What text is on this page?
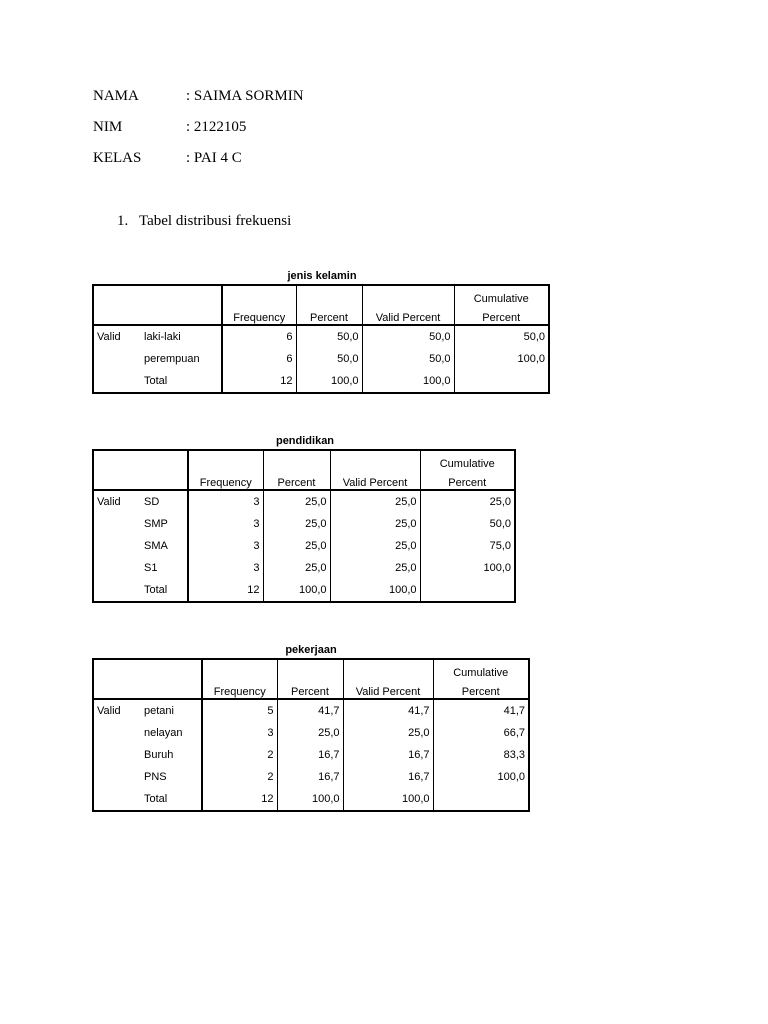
NAMA	: SAIMA SORMIN
NIM	: 2122105
KELAS	: PAI 4 C
1. Tabel distribusi frekuensi
jenis kelamin
					Cumulative
		Frequency	Percent	Valid Percent	Percent
Valid	laki-laki	6	50,0	50,0	50,0
	perempuan	6	50,0	50,0	100,0
	Total	12	100,0	100,0	
pendidikan
					Cumulative
		Frequency	Percent	Valid Percent	Percent
Valid	SD	3	25,0	25,0	25,0
	SMP	3	25,0	25,0	50,0
	SMA	3	25,0	25,0	75,0
	S1	3	25,0	25,0	100,0
	Total	12	100,0	100,0	
pekerjaan
					Cumulative
		Frequency	Percent	Valid Percent	Percent
Valid	petani	5	41,7	41,7	41,7
	nelayan	3	25,0	25,0	66,7
	Buruh	2	16,7	16,7	83,3
	PNS	2	16,7	16,7	100,0
	Total	12	100,0	100,0	
